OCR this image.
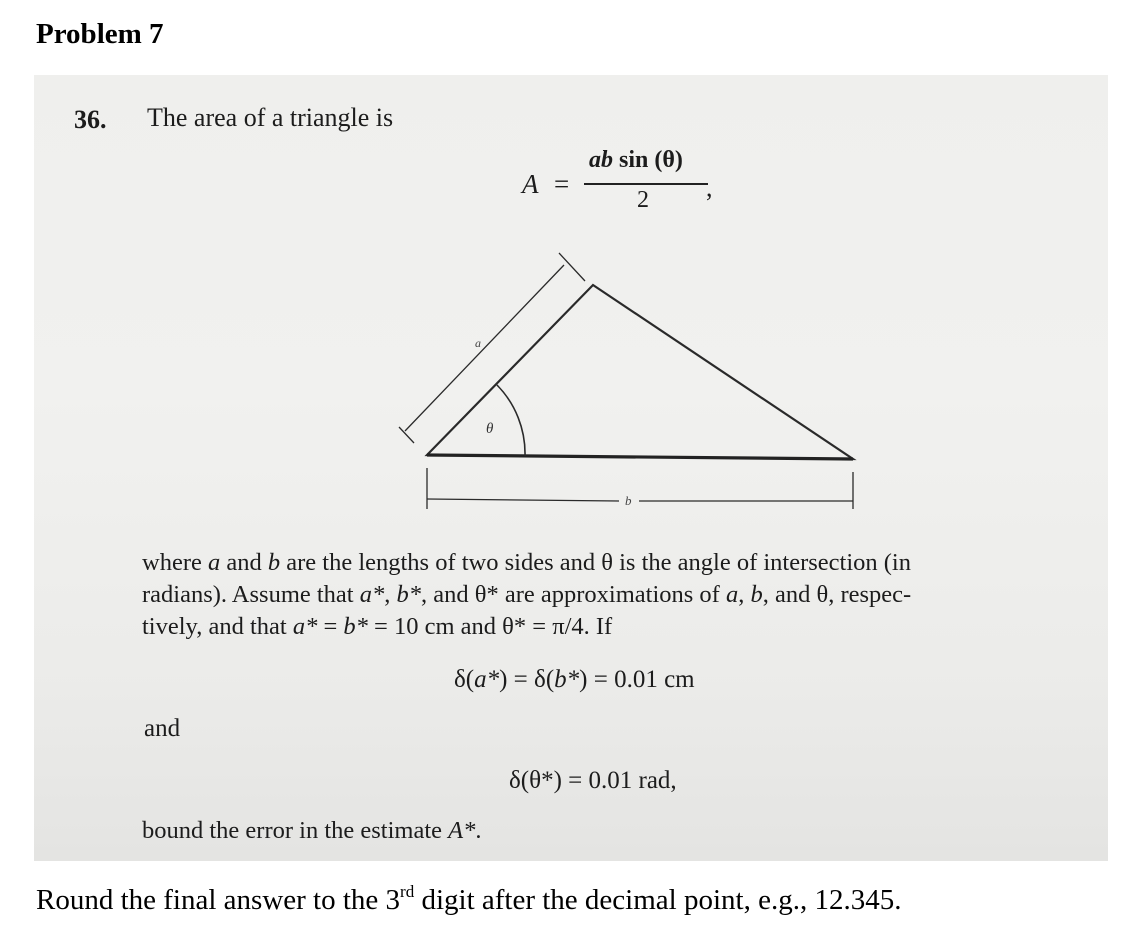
Problem 7
36. The area of a triangle is
A =
ab sin (θ)
2 ,
θ
a
b
where a and b are the lengths of two sides and θ is the angle of intersection (in
radians). Assume that a*, b*, and θ* are approximations of a, b, and θ, respec-
tively, and that a* = b* = 10 cm and θ* = π/4. If
δ(a*) = δ(b*) = 0.01 cm
and
δ(θ*) = 0.01 rad,
bound the error in the estimate A*.
Round the final answer to the 3rd digit after the decimal point, e.g., 12.345.
